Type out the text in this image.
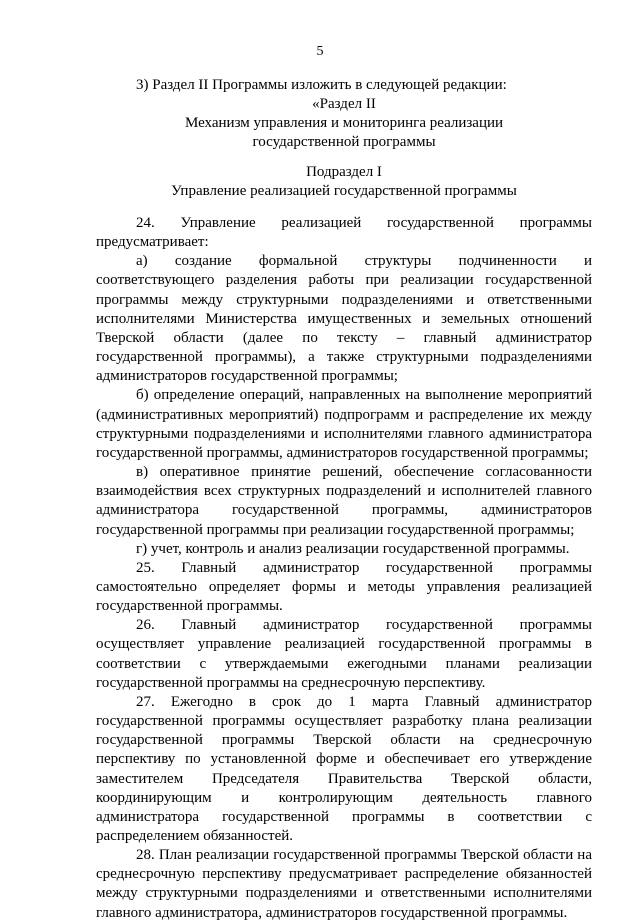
5
3) Раздел II Программы изложить в следующей редакции:
«Раздел II
Механизм управления и мониторинга реализации
государственной программы
Подраздел I
Управление реализацией государственной программы

24. Управление реализацией государственной программы предусматривает:

а) создание формальной структуры подчиненности и соответствующего разделения работы при реализации государственной программы между структурными подразделениями и ответственными исполнителями Министерства имущественных и земельных отношений Тверской области (далее по тексту – главный администратор государственной программы), а также структурными подразделениями администраторов государственной программы;

б) определение операций, направленных на выполнение мероприятий (административных мероприятий) подпрограмм и распределение их между структурными подразделениями и исполнителями главного администратора государственной программы, администраторов государственной программы;

в) оперативное принятие решений, обеспечение согласованности взаимодействия всех структурных подразделений и исполнителей главного администратора государственной программы, администраторов государственной программы при реализации государственной программы;

г) учет, контроль и анализ реализации государственной программы.

25. Главный администратор государственной программы самостоятельно определяет формы и методы управления реализацией государственной программы.

26. Главный администратор государственной программы осуществляет управление реализацией государственной программы в соответствии с утверждаемыми ежегодными планами реализации государственной программы на среднесрочную перспективу.

27. Ежегодно в срок до 1 марта Главный администратор государственной программы осуществляет разработку плана реализации государственной программы Тверской области на среднесрочную перспективу по установленной форме и обеспечивает его утверждение заместителем Председателя Правительства Тверской области, координирующим и контролирующим деятельность главного администратора государственной программы в соответствии с распределением обязанностей.

28. План реализации государственной программы Тверской области на среднесрочную перспективу предусматривает распределение обязанностей между структурными подразделениями и ответственными исполнителями главного администратора, администраторов государственной программы.
